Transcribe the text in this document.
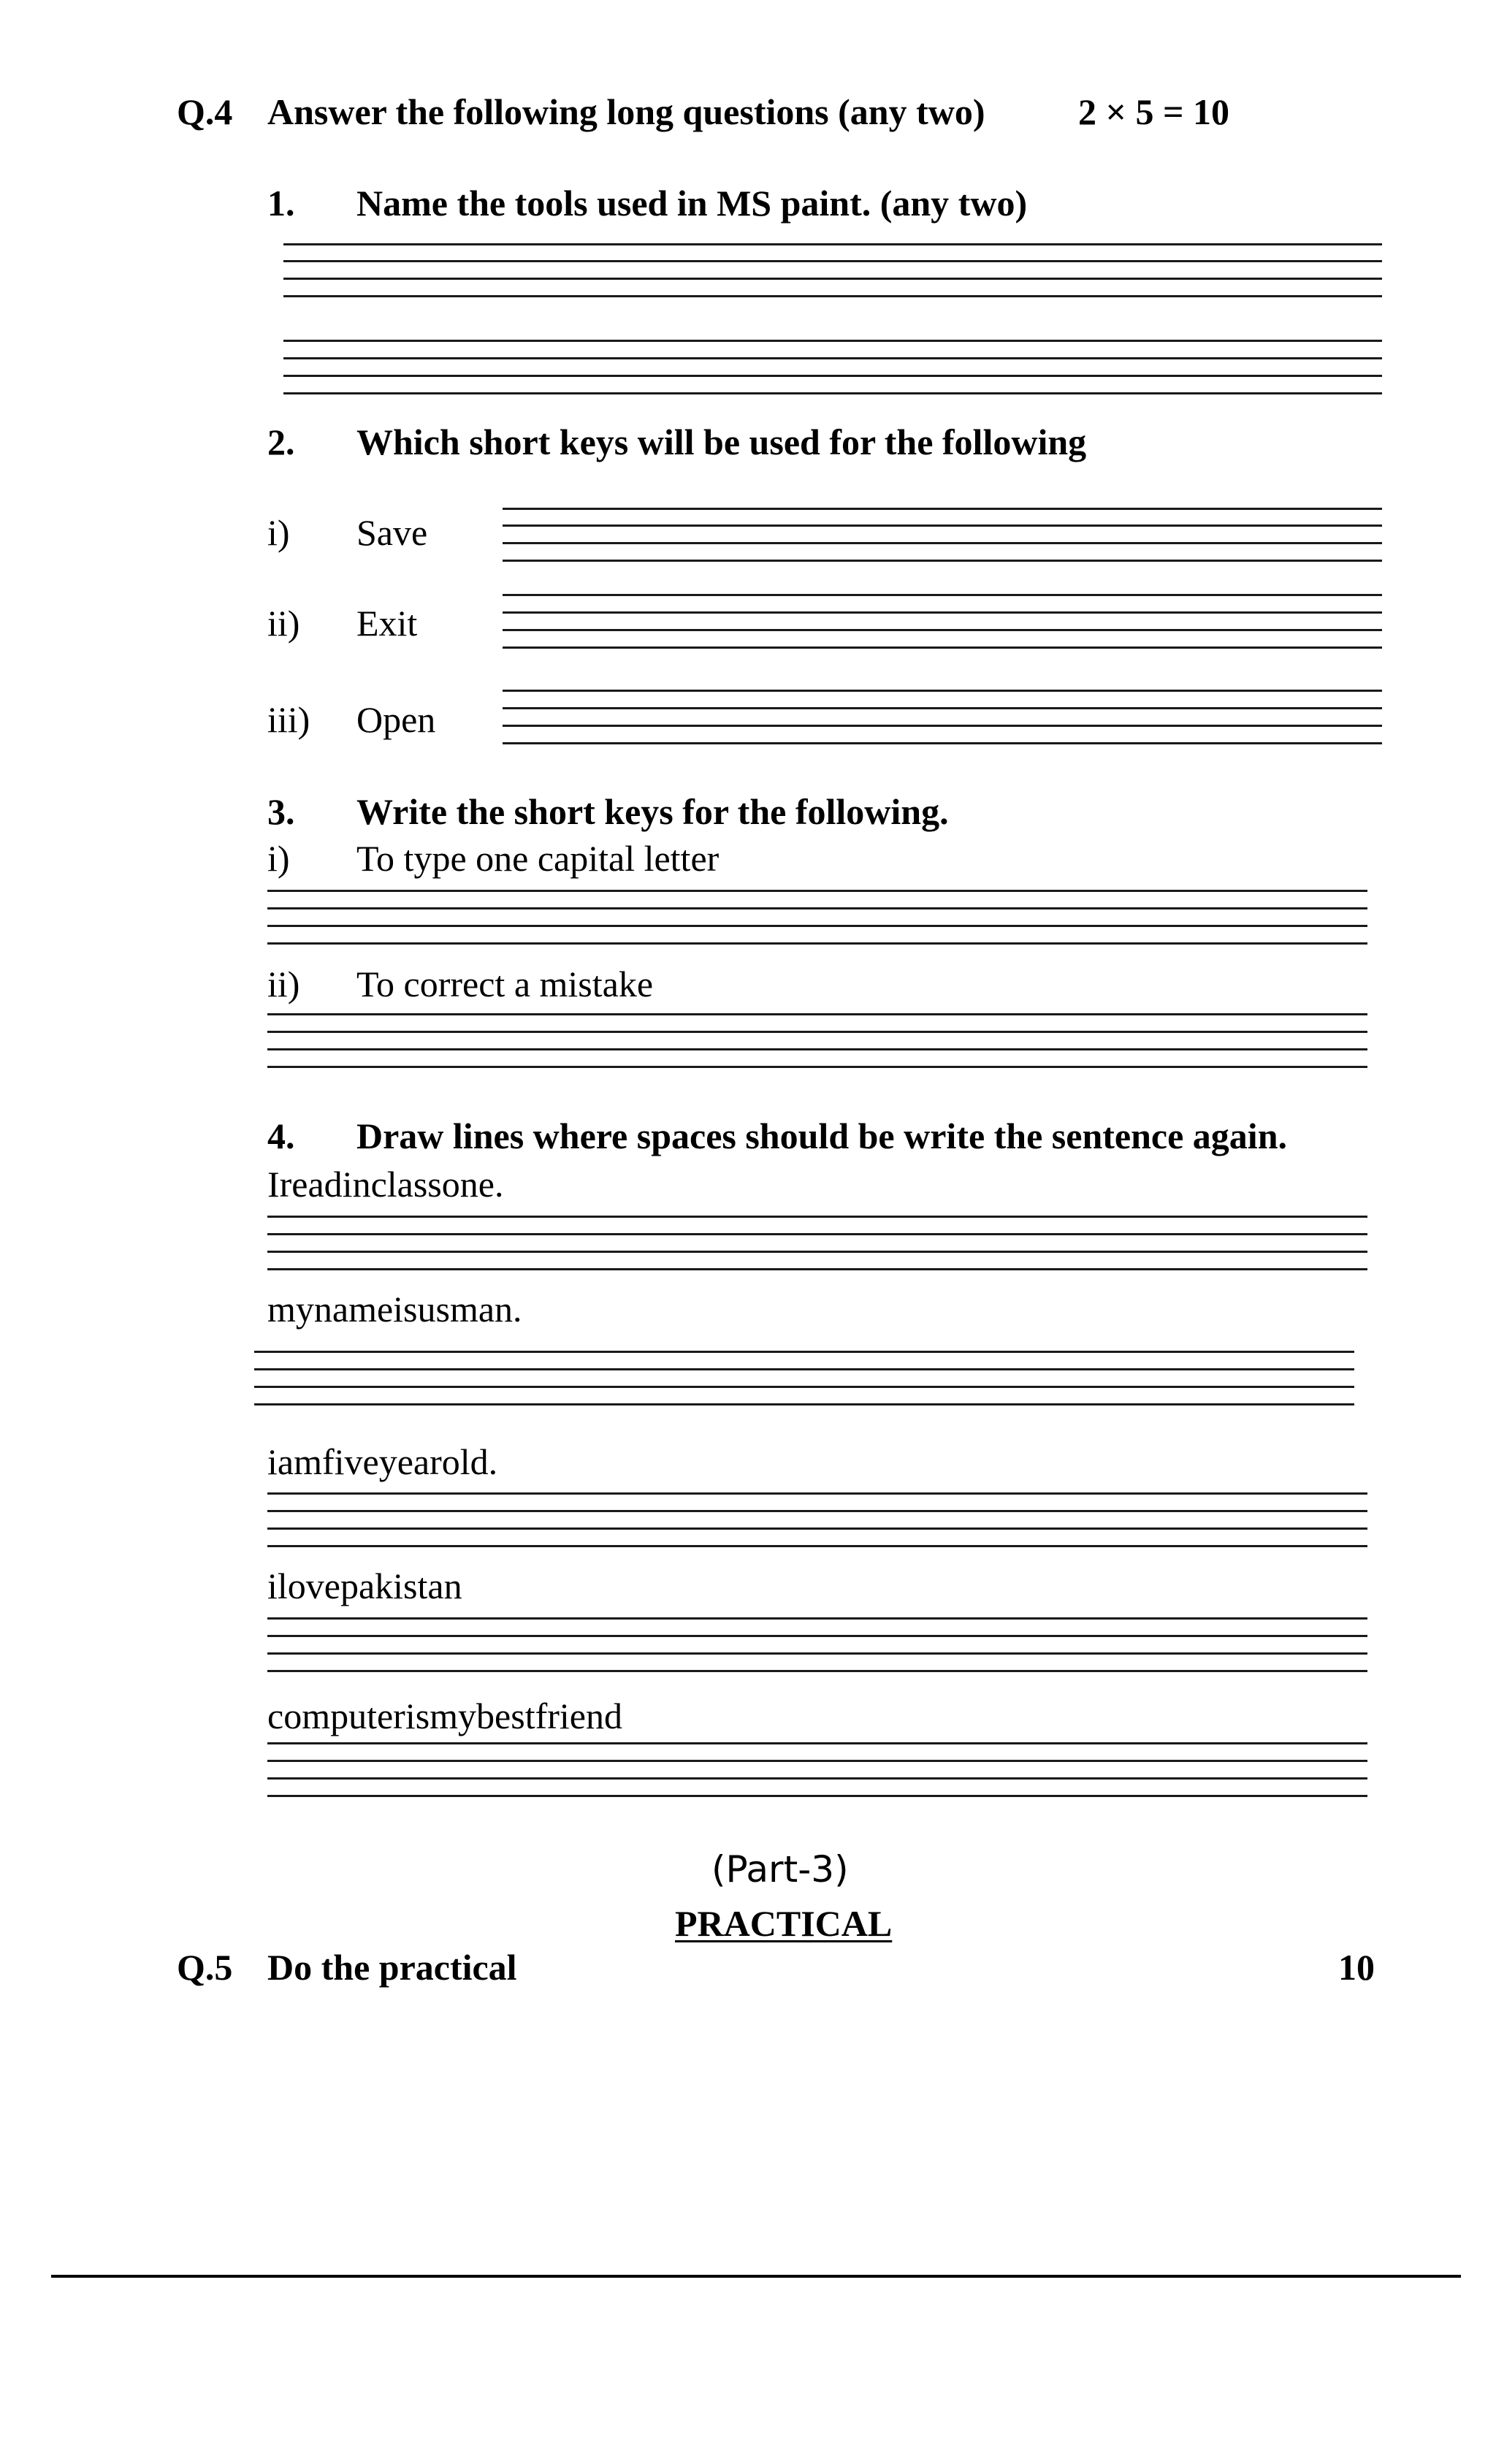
Q.4 Answer the following long questions (any two)	2 × 5 = 10
1. Name the tools used in MS paint. (any two)
2. Which short keys will be used for the following
i) Save
ii) Exit
iii) Open
3. Write the short keys for the following.
i) To type one capital letter
ii) To correct a mistake
4. Draw lines where spaces should be write the sentence again.
Ireadinclassone.
mynameisusman.
iamfiveyearold.
ilovepakistan
computerismybestfriend
(Part-3)
PRACTICAL
Q.5 Do the practical	10
